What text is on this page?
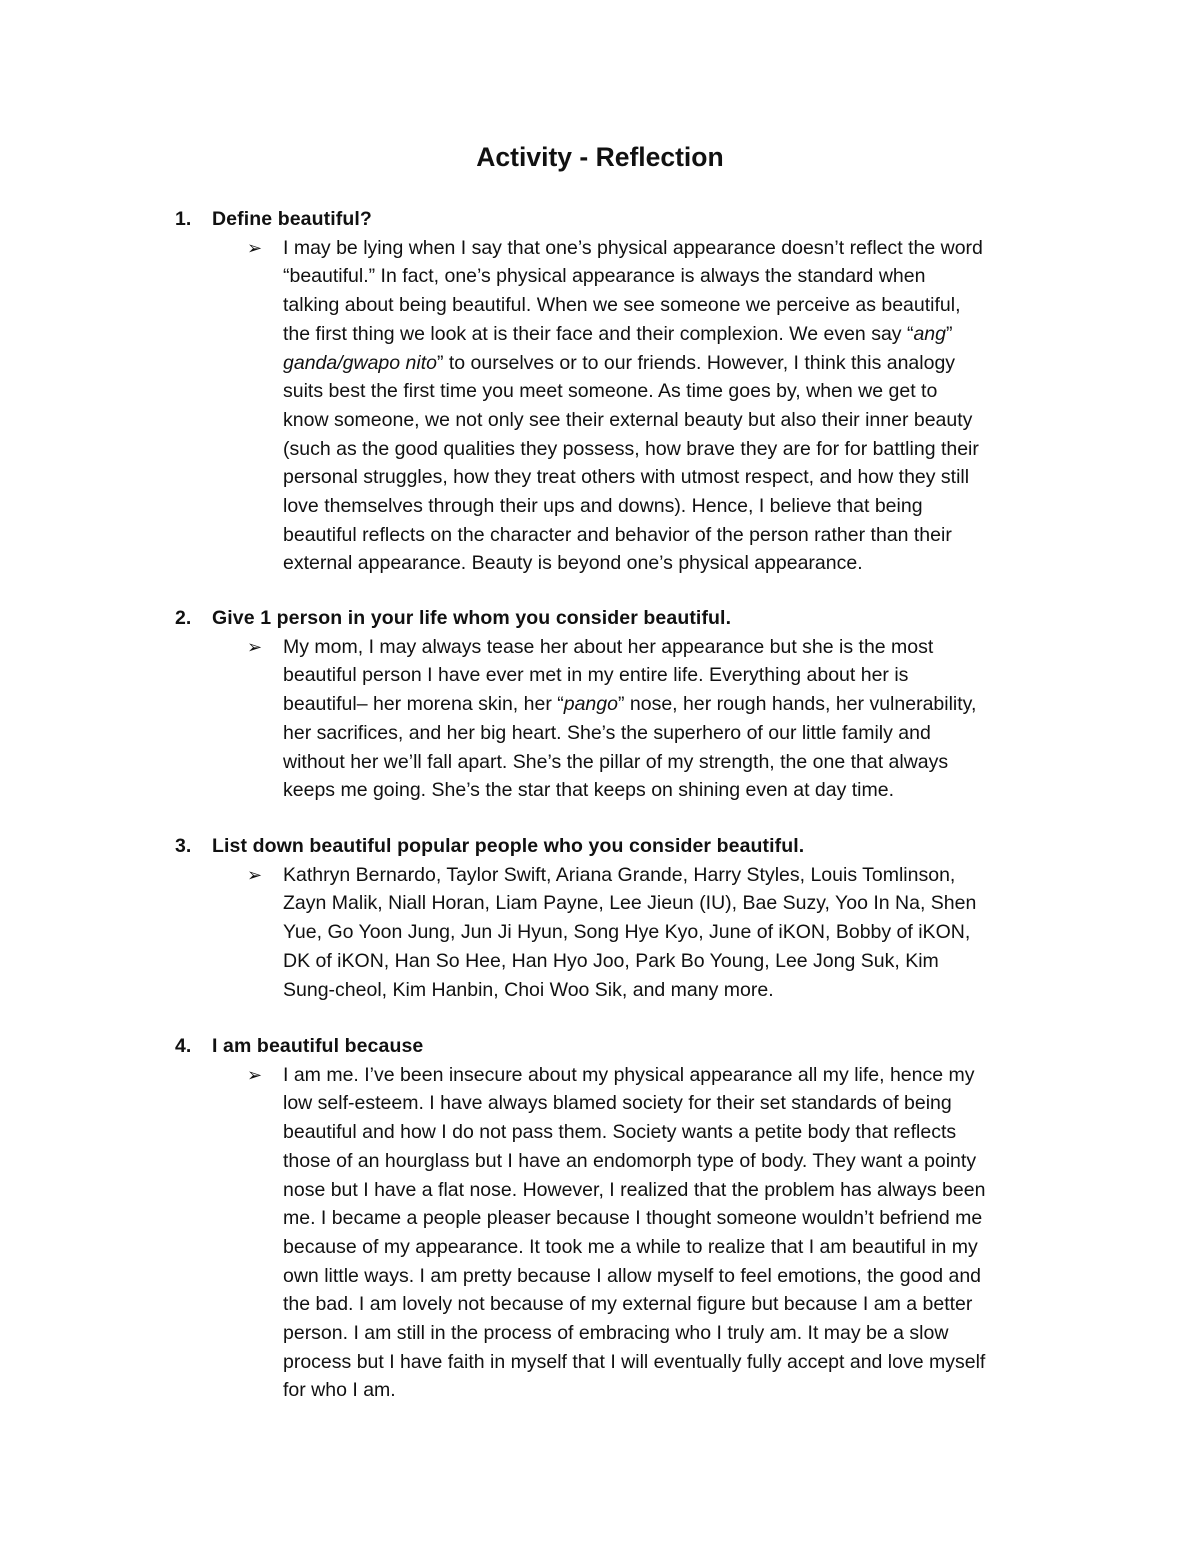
Activity - Reflection
1. Define beautiful?
➢ I may be lying when I say that one’s physical appearance doesn’t reflect the word
“beautiful.” In fact, one’s physical appearance is always the standard when
talking about being beautiful. When we see someone we perceive as beautiful,
the first thing we look at is their face and their complexion. We even say “ang”
ganda/gwapo nito” to ourselves or to our friends. However, I think this analogy
suits best the first time you meet someone. As time goes by, when we get to
know someone, we not only see their external beauty but also their inner beauty
(such as the good qualities they possess, how brave they are for for battling their
personal struggles, how they treat others with utmost respect, and how they still
love themselves through their ups and downs). Hence, I believe that being
beautiful reflects on the character and behavior of the person rather than their
external appearance. Beauty is beyond one’s physical appearance.
2. Give 1 person in your life whom you consider beautiful.
➢ My mom, I may always tease her about her appearance but she is the most
beautiful person I have ever met in my entire life. Everything about her is
beautiful– her morena skin, her “pango” nose, her rough hands, her vulnerability,
her sacrifices, and her big heart. She’s the superhero of our little family and
without her we’ll fall apart. She’s the pillar of my strength, the one that always
keeps me going. She’s the star that keeps on shining even at day time.
3. List down beautiful popular people who you consider beautiful.
➢ Kathryn Bernardo, Taylor Swift, Ariana Grande, Harry Styles, Louis Tomlinson,
Zayn Malik, Niall Horan, Liam Payne, Lee Jieun (IU), Bae Suzy, Yoo In Na, Shen
Yue, Go Yoon Jung, Jun Ji Hyun, Song Hye Kyo, June of iKON, Bobby of iKON,
DK of iKON, Han So Hee, Han Hyo Joo, Park Bo Young, Lee Jong Suk, Kim
Sung-cheol, Kim Hanbin, Choi Woo Sik, and many more.
4. I am beautiful because
➢ I am me. I’ve been insecure about my physical appearance all my life, hence my
low self-esteem. I have always blamed society for their set standards of being
beautiful and how I do not pass them. Society wants a petite body that reflects
those of an hourglass but I have an endomorph type of body. They want a pointy
nose but I have a flat nose. However, I realized that the problem has always been
me. I became a people pleaser because I thought someone wouldn’t befriend me
because of my appearance. It took me a while to realize that I am beautiful in my
own little ways. I am pretty because I allow myself to feel emotions, the good and
the bad. I am lovely not because of my external figure but because I am a better
person. I am still in the process of embracing who I truly am. It may be a slow
process but I have faith in myself that I will eventually fully accept and love myself
for who I am.
